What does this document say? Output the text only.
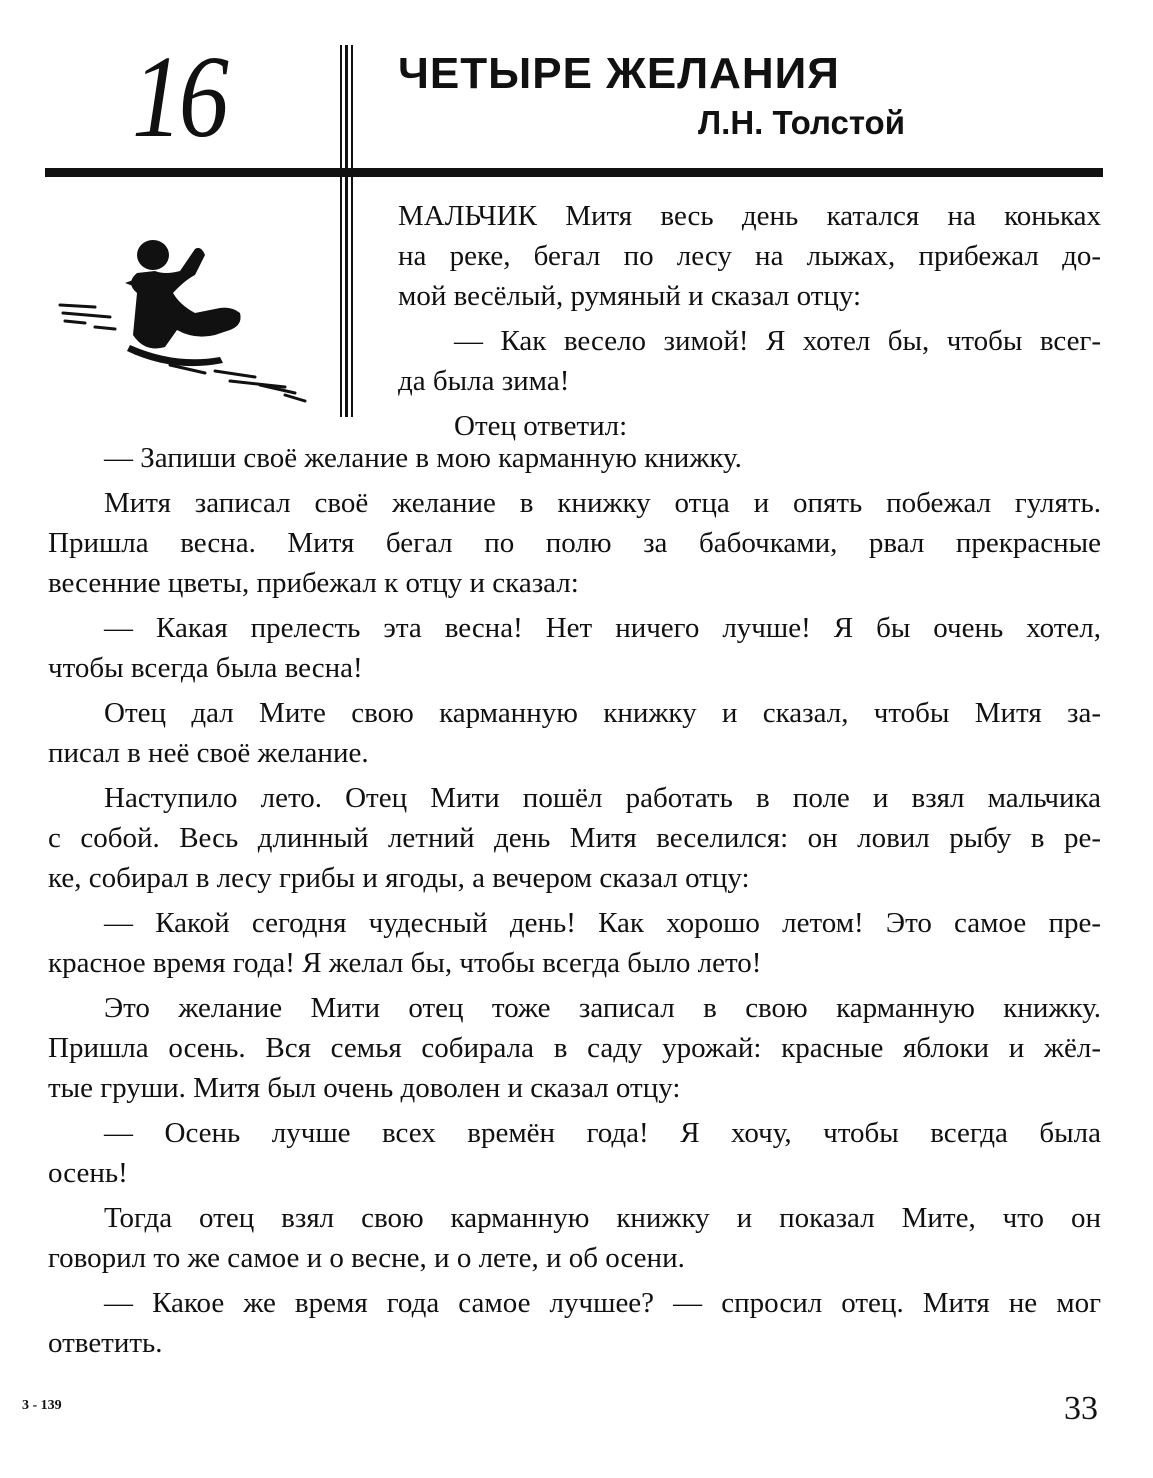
16	ЧЕТЫРЕ ЖЕЛАНИЯ
Л.Н. Толстой
МАЛЬЧИК Митя весь день катался на коньках
на реке, бегал по лесу на лыжах, прибежал до-
мой весёлый, румяный и сказал отцу:
— Как весело зимой! Я хотел бы, чтобы всег-
да была зима!
Отец ответил:
— Запиши своё желание в мою карманную книжку.
Митя записал своё желание в книжку отца и опять побежал гулять.
Пришла весна. Митя бегал по полю за бабочками, рвал прекрасные
весенние цветы, прибежал к отцу и сказал:
— Какая прелесть эта весна! Нет ничего лучше! Я бы очень хотел,
чтобы всегда была весна!
Отец дал Мите свою карманную книжку и сказал, чтобы Митя за-
писал в неё своё желание.
Наступило лето. Отец Мити пошёл работать в поле и взял мальчика
с собой. Весь длинный летний день Митя веселился: он ловил рыбу в ре-
ке, собирал в лесу грибы и ягоды, а вечером сказал отцу:
— Какой сегодня чудесный день! Как хорошо летом! Это самое пре-
красное время года! Я желал бы, чтобы всегда было лето!
Это желание Мити отец тоже записал в свою карманную книжку.
Пришла осень. Вся семья собирала в саду урожай: красные яблоки и жёл-
тые груши. Митя был очень доволен и сказал отцу:
— Осень лучше всех времён года! Я хочу, чтобы всегда была
осень!
Тогда отец взял свою карманную книжку и показал Мите, что он
говорил то же самое и о весне, и о лете, и об осени.
— Какое же время года самое лучшее? — спросил отец. Митя не мог
ответить.
3 - 139	33
